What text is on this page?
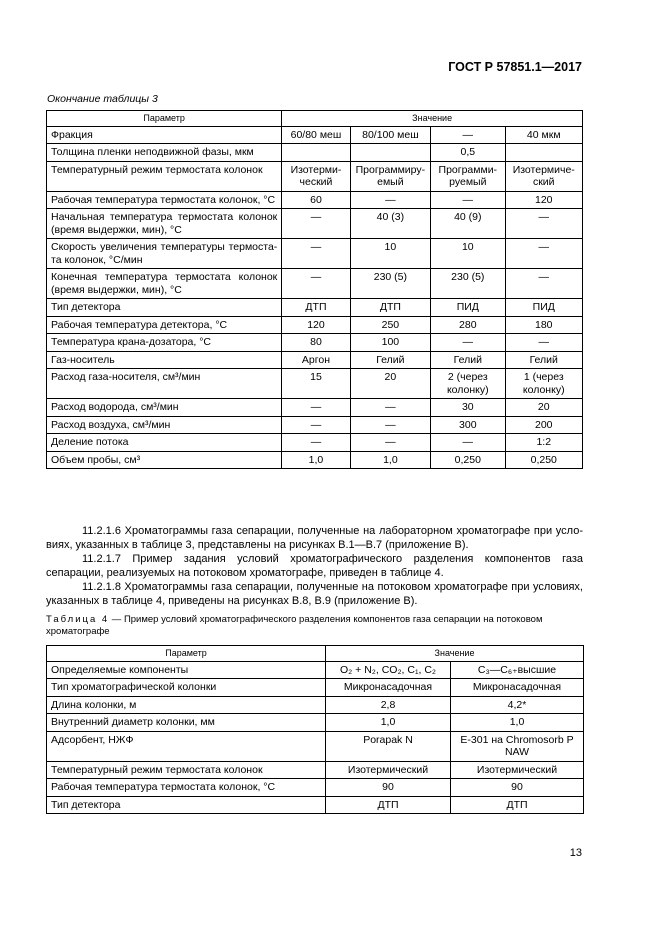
ГОСТ Р 57851.1—2017
Окончание таблицы 3
Параметр	Значение			
Фракция	60/80 меш	80/100 меш	—	40 мкм
Толщина пленки неподвижной фазы, мкм			0,5	
Температурный режим термостата колонок	Изотерми-ческий	Программиру-емый	Программи-руемый	Изотермиче-ский
Рабочая температура термостата колонок, °С	60	—	—	120
Начальная температура термостата колонок (время выдержки, мин), °С	—	40 (3)	40 (9)	—
Скорость увеличения температуры термоста-та колонок, °С/мин	—	10	10	—
Конечная температура термостата колонок (время выдержки, мин), °С	—	230 (5)	230 (5)	—
Тип детектора	ДТП	ДТП	ПИД	ПИД
Рабочая температура детектора, °С	120	250	280	180
Температура крана-дозатора, °С	80	100	—	—
Газ-носитель	Аргон	Гелий	Гелий	Гелий
Расход газа-носителя, см³/мин	15	20	2 (через колонку)	1 (через колонку)
Расход водорода, см³/мин	—	—	30	20
Расход воздуха, см³/мин	—	—	300	200
Деление потока	—	—	—	1:2
Объем пробы, см³	1,0	1,0	0,250	0,250
11.2.1.6 Хроматограммы газа сепарации, полученные на лабораторном хроматографе при усло-виях, указанных в таблице 3, представлены на рисунках В.1—В.7 (приложение В).
11.2.1.7 Пример задания условий хроматографического разделения компонентов газа сепарации, реализуемых на потоковом хроматографе, приведен в таблице 4.
11.2.1.8 Хроматограммы газа сепарации, полученные на потоковом хроматографе при условиях, указанных в таблице 4, приведены на рисунках В.8, В.9 (приложение В).
Таблица 4 — Пример условий хроматографического разделения компонентов газа сепарации на потоковом хроматографе
Параметр	Значение	
Определяемые компоненты	O₂ + N₂, CO₂, C₁, C₂	C₃—C₆₊высшие
Тип хроматографической колонки	Микронасадочная	Микронасадочная
Длина колонки, м	2,8	4,2*
Внутренний диаметр колонки, мм	1,0	1,0
Адсорбент, НЖФ	Porapak N	Е-301 на Chromosorb P NAW
Температурный режим термостата колонок	Изотермический	Изотермический
Рабочая температура термостата колонок, °С	90	90
Тип детектора	ДТП	ДТП
13
